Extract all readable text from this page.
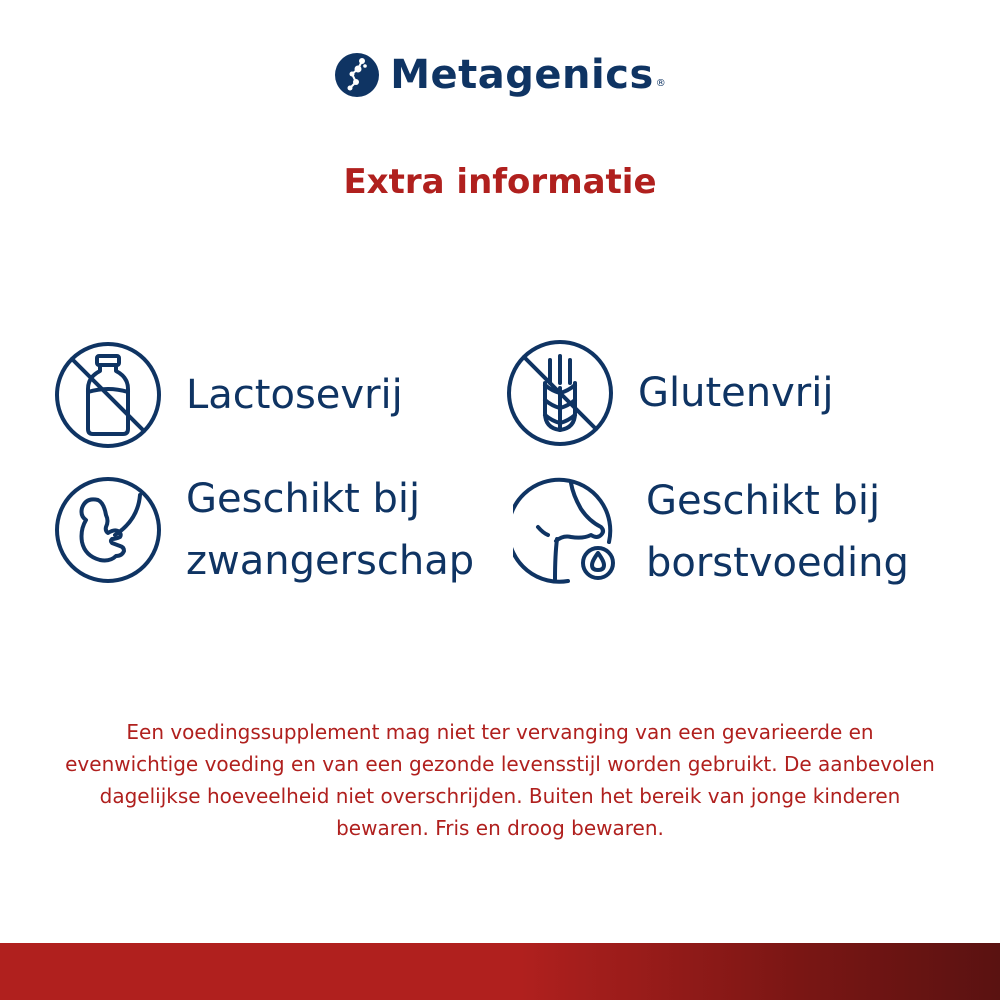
Metagenics ®
Extra informatie
Lactosevrij	Glutenvrij
Geschikt bij
zwangerschap
Geschikt bij
borstvoeding
Een voedingssupplement mag niet ter vervanging van een gevarieerde en evenwichtige voeding en van een gezonde levensstijl worden gebruikt. De aanbevolen dagelijkse hoeveelheid niet overschrijden. Buiten het bereik van jonge kinderen bewaren. Fris en droog bewaren.
